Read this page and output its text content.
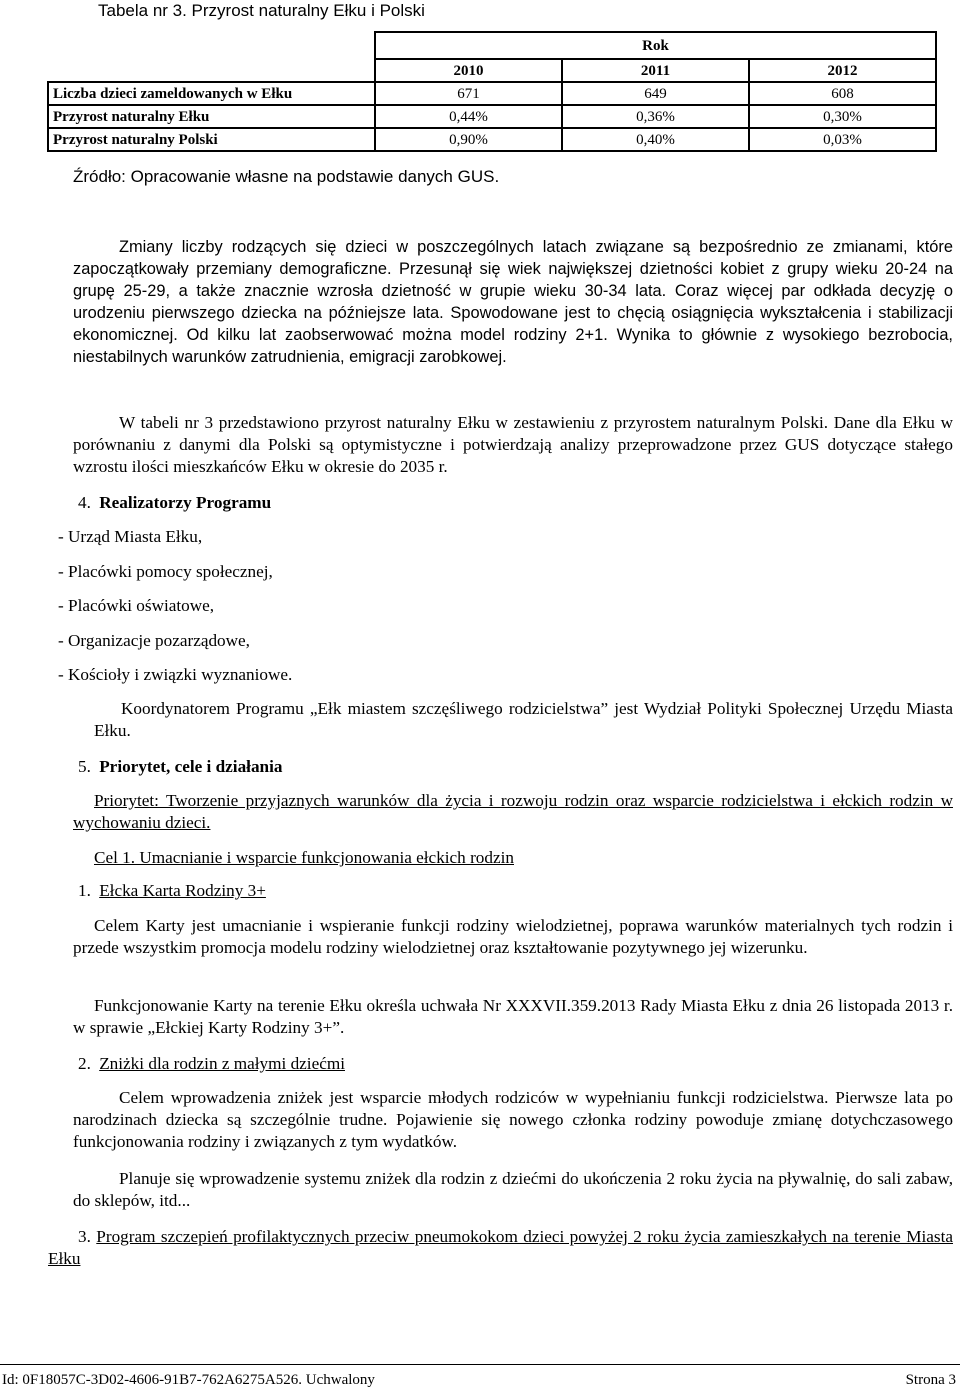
Tabela nr 3. Przyrost naturalny Ełku i Polski
	Rok		
	2010	2011	2012
Liczba dzieci zameldowanych w Ełku	671	649	608
Przyrost naturalny Ełku	0,44%	0,36%	0,30%
Przyrost naturalny Polski	0,90%	0,40%	0,03%
Źródło: Opracowanie własne na podstawie danych GUS.

Zmiany liczby rodzących się dzieci w poszczególnych latach związane są bezpośrednio ze zmianami, które zapoczątkowały przemiany demograficzne. Przesunął się wiek największej dzietności kobiet z grupy wieku 20-24 na grupę 25-29, a także znacznie wzrosła dzietność w grupie wieku 30-34 lata. Coraz więcej par odkłada decyzję o urodzeniu pierwszego dziecka na późniejsze lata. Spowodowane jest to chęcią osiągnięcia wykształcenia i stabilizacji ekonomicznej. Od kilku lat zaobserwować można model rodziny 2+1. Wynika to głównie z wysokiego bezrobocia, niestabilnych warunków zatrudnienia, emigracji zarobkowej.

W tabeli nr 3 przedstawiono przyrost naturalny Ełku w zestawieniu z przyrostem naturalnym Polski. Dane dla Ełku w porównaniu z danymi dla Polski są optymistyczne i potwierdzają analizy przeprowadzone przez GUS dotyczące stałego wzrostu ilości mieszkańców Ełku w okresie do 2035 r.

4. Realizatorzy Programu
- Urząd Miasta Ełku,
- Placówki pomocy społecznej,
- Placówki oświatowe,
- Organizacje pozarządowe,
- Kościoły i związki wyznaniowe.

Koordynatorem Programu „Ełk miastem szczęśliwego rodzicielstwa” jest Wydział Polityki Społecznej Urzędu Miasta Ełku.

5. Priorytet, cele i działania

Priorytet: Tworzenie przyjaznych warunków dla życia i rozwoju rodzin oraz wsparcie rodzicielstwa i ełckich rodzin w wychowaniu dzieci.

Cel 1. Umacnianie i wsparcie funkcjonowania ełckich rodzin
1. Ełcka Karta Rodziny 3+

Celem Karty jest umacnianie i wspieranie funkcji rodziny wielodzietnej, poprawa warunków materialnych tych rodzin i przede wszystkim promocja modelu rodziny wielodzietnej oraz kształtowanie pozytywnego jej wizerunku.

Funkcjonowanie Karty na terenie Ełku określa uchwała Nr XXXVII.359.2013 Rady Miasta Ełku z dnia 26 listopada 2013 r. w sprawie „Ełckiej Karty Rodziny 3+”.

2. Zniżki dla rodzin z małymi dziećmi

Celem wprowadzenia zniżek jest wsparcie młodych rodziców w wypełnianiu funkcji rodzicielstwa. Pierwsze lata po narodzinach dziecka są szczególnie trudne. Pojawienie się nowego członka rodziny powoduje zmianę dotychczasowego funkcjonowania rodziny i związanych z tym wydatków.

Planuje się wprowadzenie systemu zniżek dla rodzin z dziećmi do ukończenia 2 roku życia na pływalnię, do sali zabaw, do sklepów, itd...

3. Program szczepień profilaktycznych przeciw pneumokokom dzieci powyżej 2 roku życia zamieszkałych na terenie Miasta Ełku

Id: 0F18057C-3D02-4606-91B7-762A6275A526. Uchwalony	Strona 3
